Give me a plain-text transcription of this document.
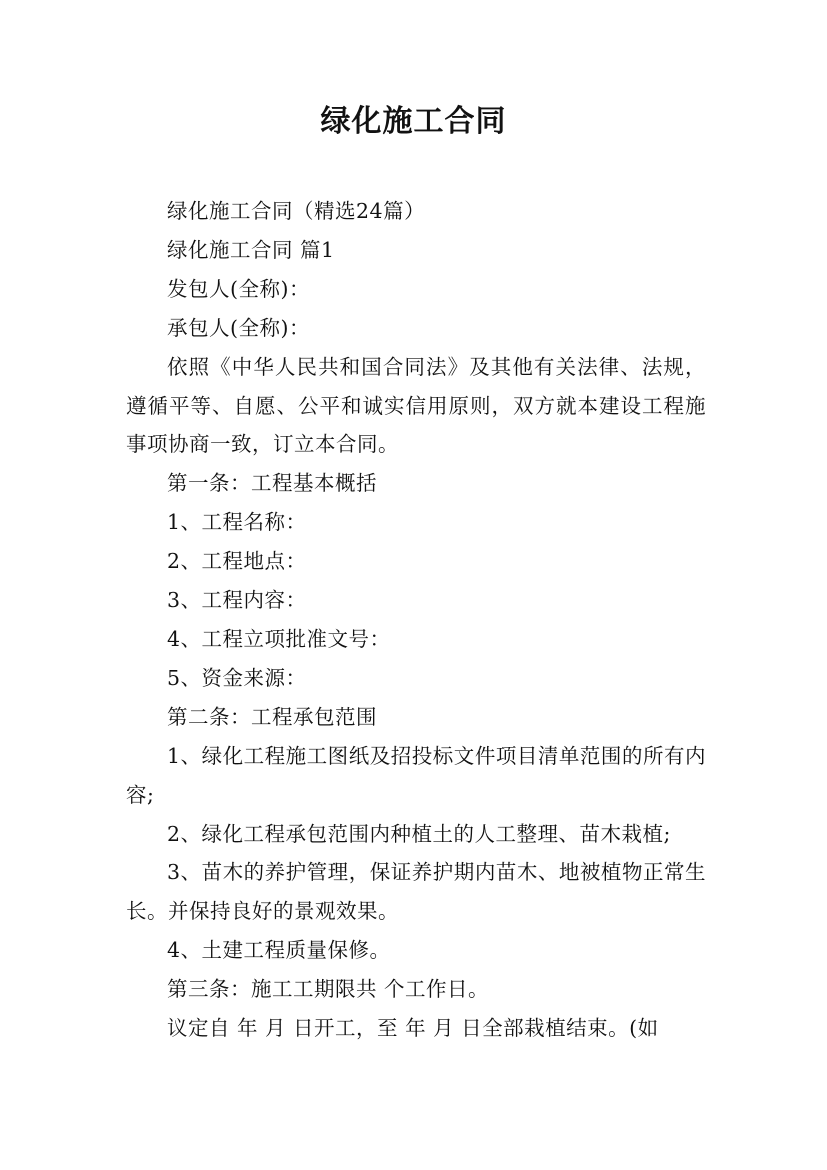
绿化施工合同

绿化施工合同（精选24篇）

绿化施工合同 篇1

发包人(全称)：

承包人(全称)：

依照《中华人民共和国合同法》及其他有关法律、法规，遵循平等、自愿、公平和诚实信用原则，双方就本建设工程施事项协商一致，订立本合同。

第一条：工程基本概括

1、工程名称：

2、工程地点：

3、工程内容：

4、工程立项批准文号：

5、资金来源：

第二条：工程承包范围

1、绿化工程施工图纸及招投标文件项目清单范围的所有内容;

2、绿化工程承包范围内种植土的人工整理、苗木栽植;

3、苗木的养护管理，保证养护期内苗木、地被植物正常生长。并保持良好的景观效果。

4、土建工程质量保修。

第三条：施工工期限共 个工作日。

议定自 年 月 日开工，至 年 月 日全部栽植结束。(如
